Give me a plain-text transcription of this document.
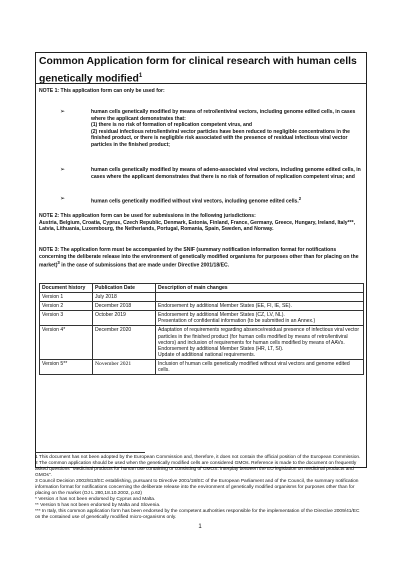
Common Application form for clinical research with human cells genetically modified$^1$
NOTE 1: This application form can only be used for:
➢	human cells genetically modified by means of retro/lentiviral vectors, including genome edited cells, in cases where the applicant demonstrates that:
(1) there is no risk of formation of replication competent virus, and
(2) residual infectious retro/lentiviral vector particles have been reduced to negligible concentrations in the finished product, or there is negligible risk associated with the presence of residual infectious viral vector particles in the finished product;
➢	human cells genetically modified by means of adeno-associated viral vectors, including genome edited cells, in cases where the applicant demonstrates that there is no risk of formation of replication competent virus; and
➢	human cells genetically modified without viral vectors, including genome edited cells.$^2$
NOTE 2: This application form can be used for submissions in the following jurisdictions:
Austria, Belgium, Croatia, Cyprus, Czech Republic, Denmark, Estonia, Finland, France, Germany, Greece, Hungary, Ireland, Italy***, Latvia, Lithuania, Luxembourg, the Netherlands, Portugal, Romania, Spain, Sweden, and Norway.
NOTE 3: The application form must be accompanied by the SNIF (summary notification information format for notifications concerning the deliberate release into the environment of genetically modified organisms for purposes other than for placing on the market)$^3$ in the case of submissions that are made under Directive 2001/18/EC.
Document history	Publication Date	Description of main changes
Version 1	July 2018	
Version 2	December 2018	Endorsement by additional Member States (EE, FI, IE, SE).
Version 3	October 2019	Endorsement by additional Member States (CZ, LV, NL).
Presentation of confidential information (to be submitted in an Annex.)
Version 4*	December 2020	Adaptation of requirements regarding absence/residual presence of infectious viral vector particles in the finished product (for human cells modified by means of retro/lentiviral vectors) and inclusion of requirements for human cells modified by means of AAVs.
Endorsement by additional Member States (HR, LT, SI).
Update of additional national requirements.
Version 5**	November 2021	Inclusion of human cells genetically modified without viral vectors and genome edited cells.

1 This document has not been adopted by the European Commission and, therefore, it does not contain the official position of the European Commission.

2 The common application should be used when the genetically modified cells are considered GMOs. Reference is made to the document on frequently asked questions "Medicinal products for human use containing or consisting of GMOS: interplay between the EU legislation on medicinal products and GMOs".

3 Council Decision 2002/813/EC establishing, pursuant to Directive 2001/18/EC of the European Parliament and of the Council, the summary notification information format for notifications concerning the deliberate release into the environment of genetically modified organisms for purposes other than for placing on the market (OJ L 280,18.10.2002, p.62)

* Version 4 has not been endorsed by Cyprus and Malta.

** Version 5 has not been endorsed by Malta and Slovenia.

*** In Italy, this common application form has been endorsed by the competent authorities responsible for the implementation of the Directive 2009/41/EC on the contained use of genetically modified micro-organisms only.

1
